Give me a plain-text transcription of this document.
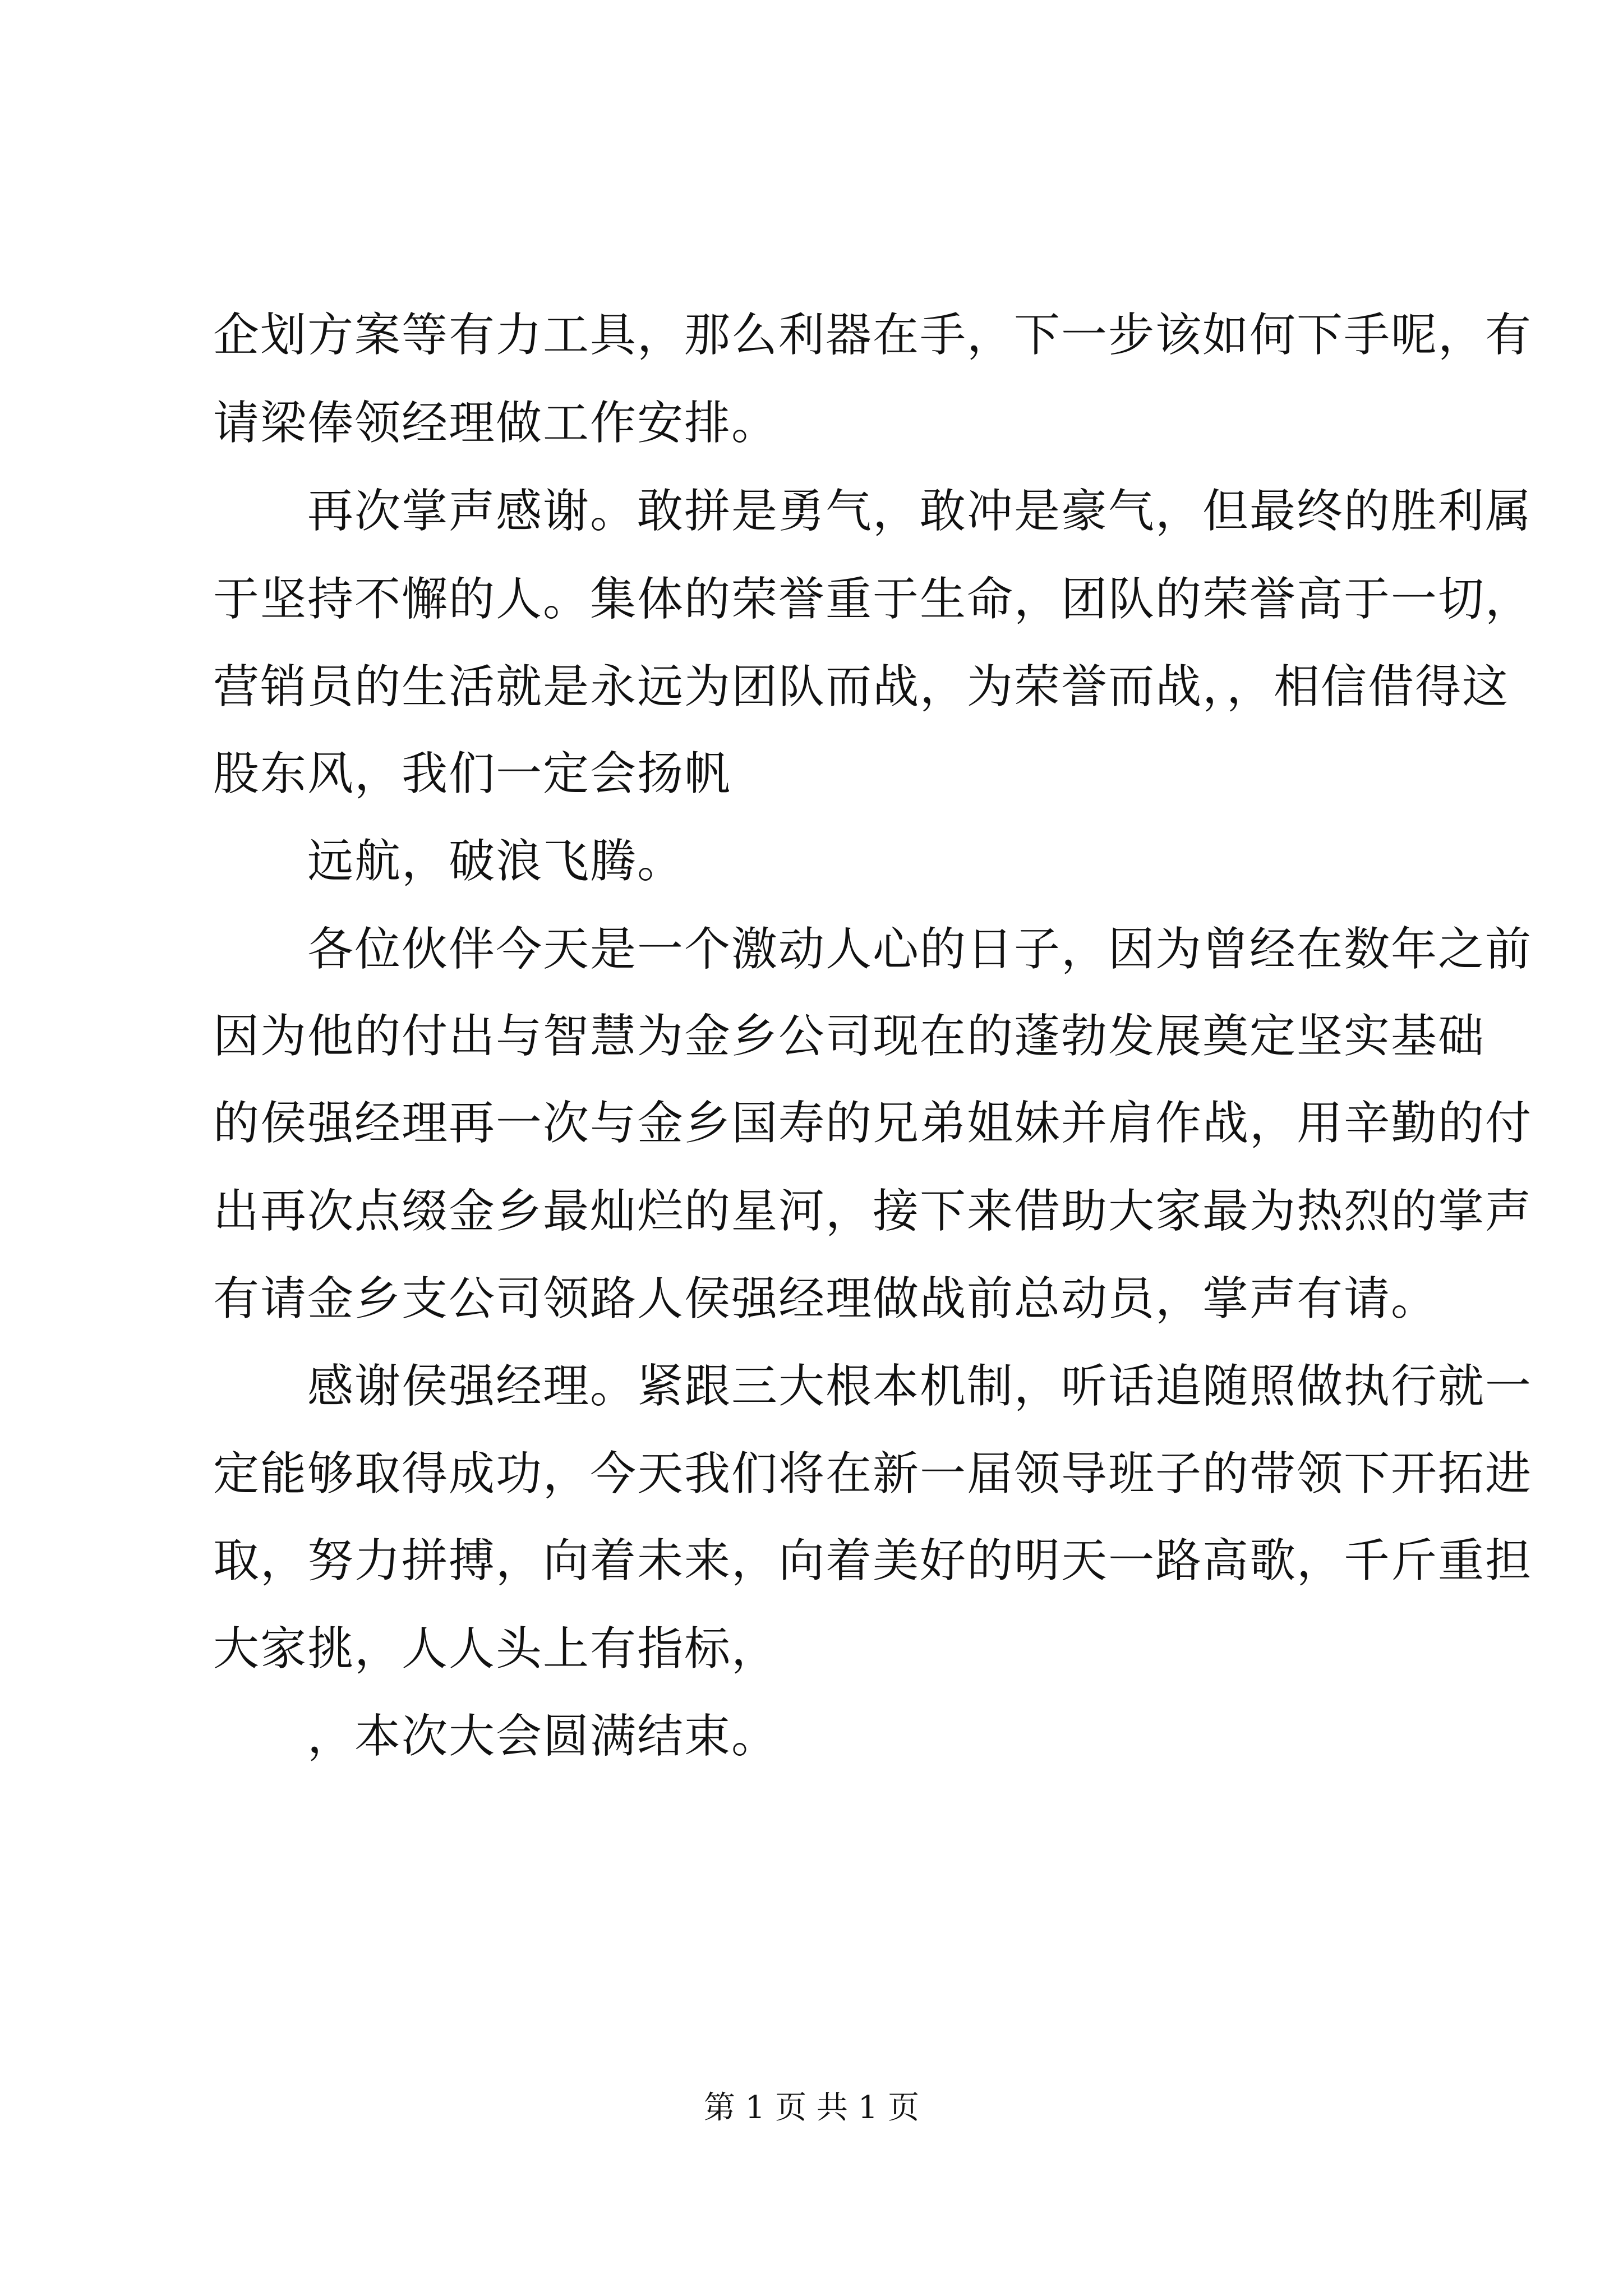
企划方案等有力工具，那么利器在手，下一步该如何下手呢，有
请梁俸领经理做工作安排。
再次掌声感谢。敢拼是勇气，敢冲是豪气，但最终的胜利属
于坚持不懈的人。集体的荣誉重于生命，团队的荣誉高于一切，
营销员的生活就是永远为团队而战，为荣誉而战，，相信借得这
股东风，我们一定会扬帆
远航，破浪飞腾。
各位伙伴今天是一个激动人心的日子，因为曾经在数年之前
因为他的付出与智慧为金乡公司现在的蓬勃发展奠定坚实基础
的侯强经理再一次与金乡国寿的兄弟姐妹并肩作战，用辛勤的付
出再次点缀金乡最灿烂的星河，接下来借助大家最为热烈的掌声
有请金乡支公司领路人侯强经理做战前总动员，掌声有请。
感谢侯强经理。紧跟三大根本机制，听话追随照做执行就一
定能够取得成功，今天我们将在新一届领导班子的带领下开拓进
取，努力拼搏，向着未来，向着美好的明天一路高歌，千斤重担
大家挑，人人头上有指标，
，本次大会圆满结束。
第 1 页 共 1 页
